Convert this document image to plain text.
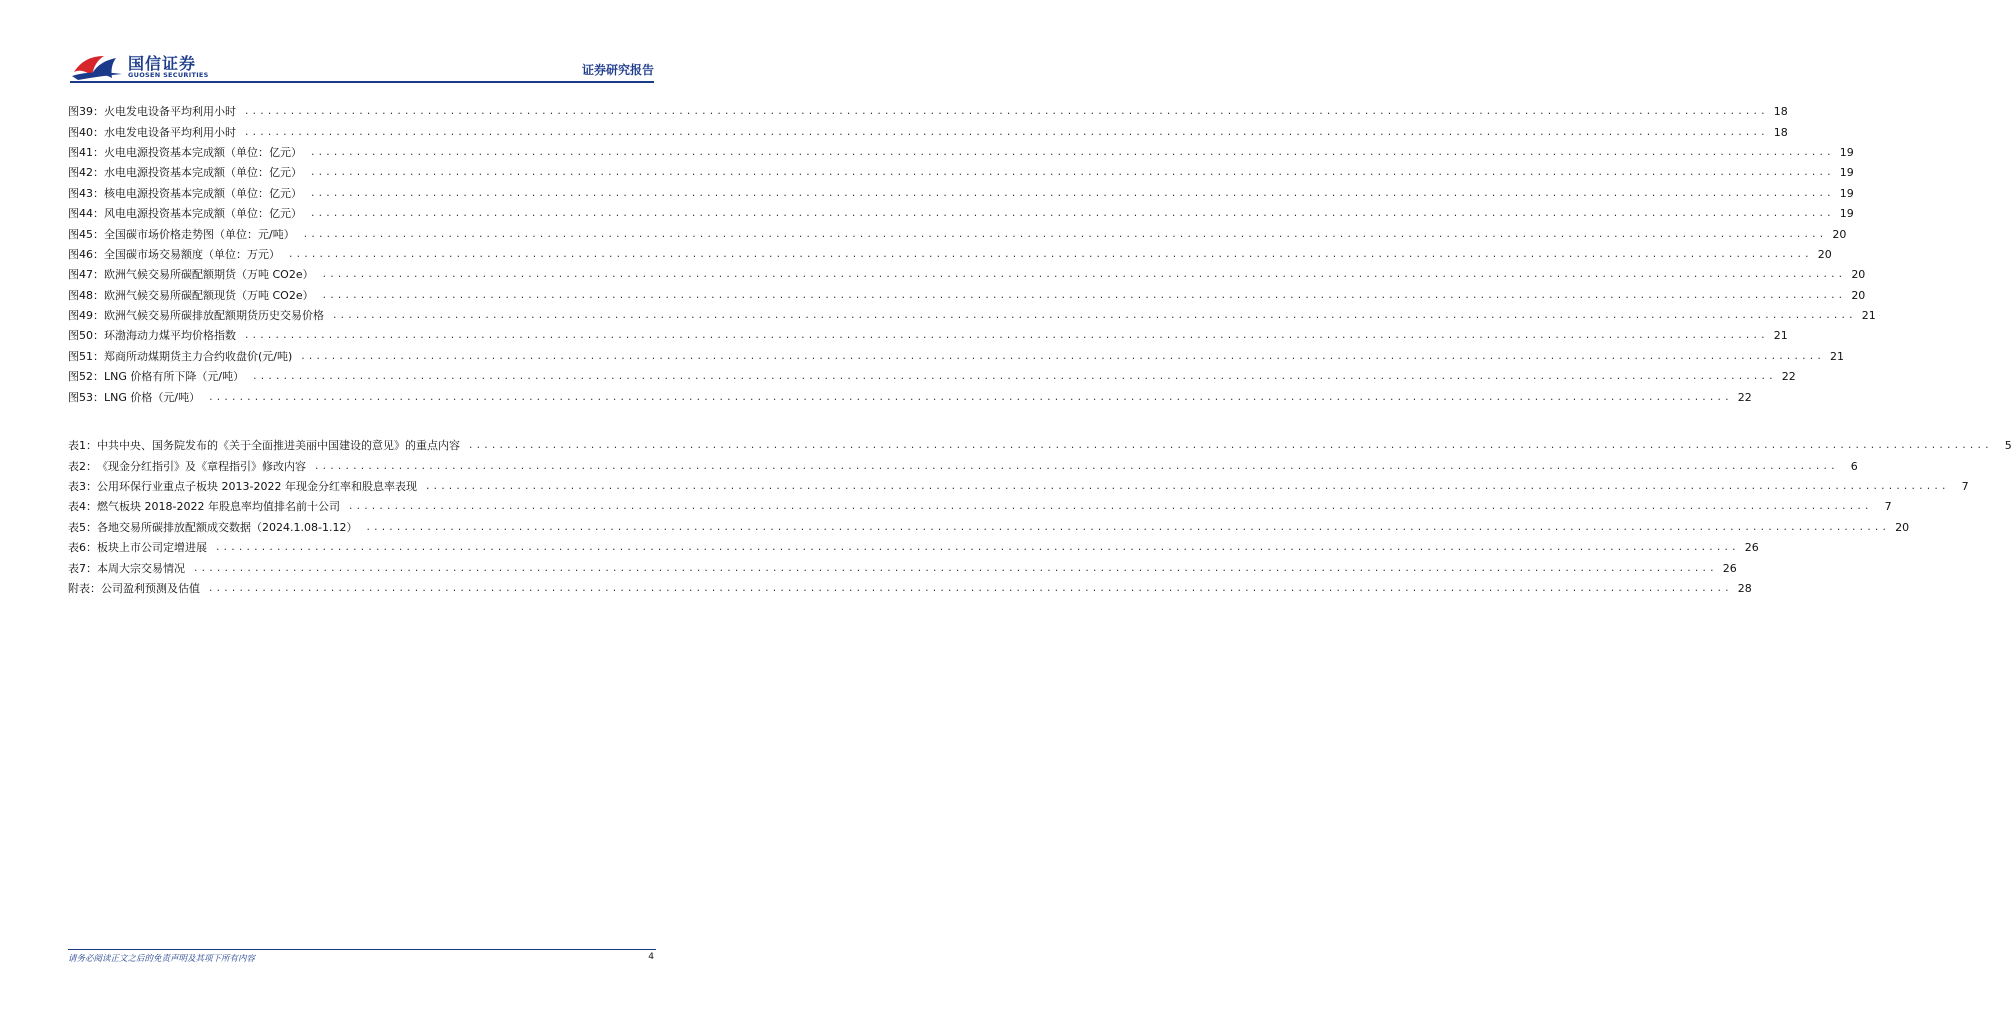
国信证券
GUOSEN SECURITIES	证券研究报告
图39： 火电发电设备平均利用小时 ........................................................................................................................................................................................................ 18
图40： 水电发电设备平均利用小时 ........................................................................................................................................................................................................ 18
图41： 火电电源投资基本完成额（单位：亿元） ........................................................................................................................................................................................................ 19
图42： 水电电源投资基本完成额（单位：亿元） ........................................................................................................................................................................................................ 19
图43： 核电电源投资基本完成额（单位：亿元） ........................................................................................................................................................................................................ 19
图44： 风电电源投资基本完成额（单位：亿元） ........................................................................................................................................................................................................ 19
图45： 全国碳市场价格走势图（单位：元/吨） ........................................................................................................................................................................................................ 20
图46： 全国碳市场交易额度（单位：万元） ........................................................................................................................................................................................................ 20
图47： 欧洲气候交易所碳配额期货（万吨 CO2e） ........................................................................................................................................................................................................ 20
图48： 欧洲气候交易所碳配额现货（万吨 CO2e） ........................................................................................................................................................................................................ 20
图49： 欧洲气候交易所碳排放配额期货历史交易价格 ........................................................................................................................................................................................................ 21
图50： 环渤海动力煤平均价格指数 ........................................................................................................................................................................................................ 21
图51： 郑商所动煤期货主力合约收盘价(元/吨) ........................................................................................................................................................................................................ 21
图52： LNG 价格有所下降（元/吨） ........................................................................................................................................................................................................ 22
图53： LNG 价格（元/吨） ........................................................................................................................................................................................................ 22
表1： 中共中央、国务院发布的《关于全面推进美丽中国建设的意见》的重点内容 ........................................................................................................................................................................................................	5
表2： 《现金分红指引》及《章程指引》修改内容 ........................................................................................................................................................................................................	6
表3： 公用环保行业重点子板块 2013-2022 年现金分红率和股息率表现 ........................................................................................................................................................................................................	7
表4： 燃气板块 2018-2022 年股息率均值排名前十公司 ........................................................................................................................................................................................................	7
表5： 各地交易所碳排放配额成交数据（2024.1.08-1.12） ........................................................................................................................................................................................................ 20
表6： 板块上市公司定增进展 ........................................................................................................................................................................................................ 26
表7： 本周大宗交易情况 ........................................................................................................................................................................................................ 26
附表： 公司盈利预测及估值 ........................................................................................................................................................................................................ 28
请务必阅读正文之后的免责声明及其项下所有内容	4
